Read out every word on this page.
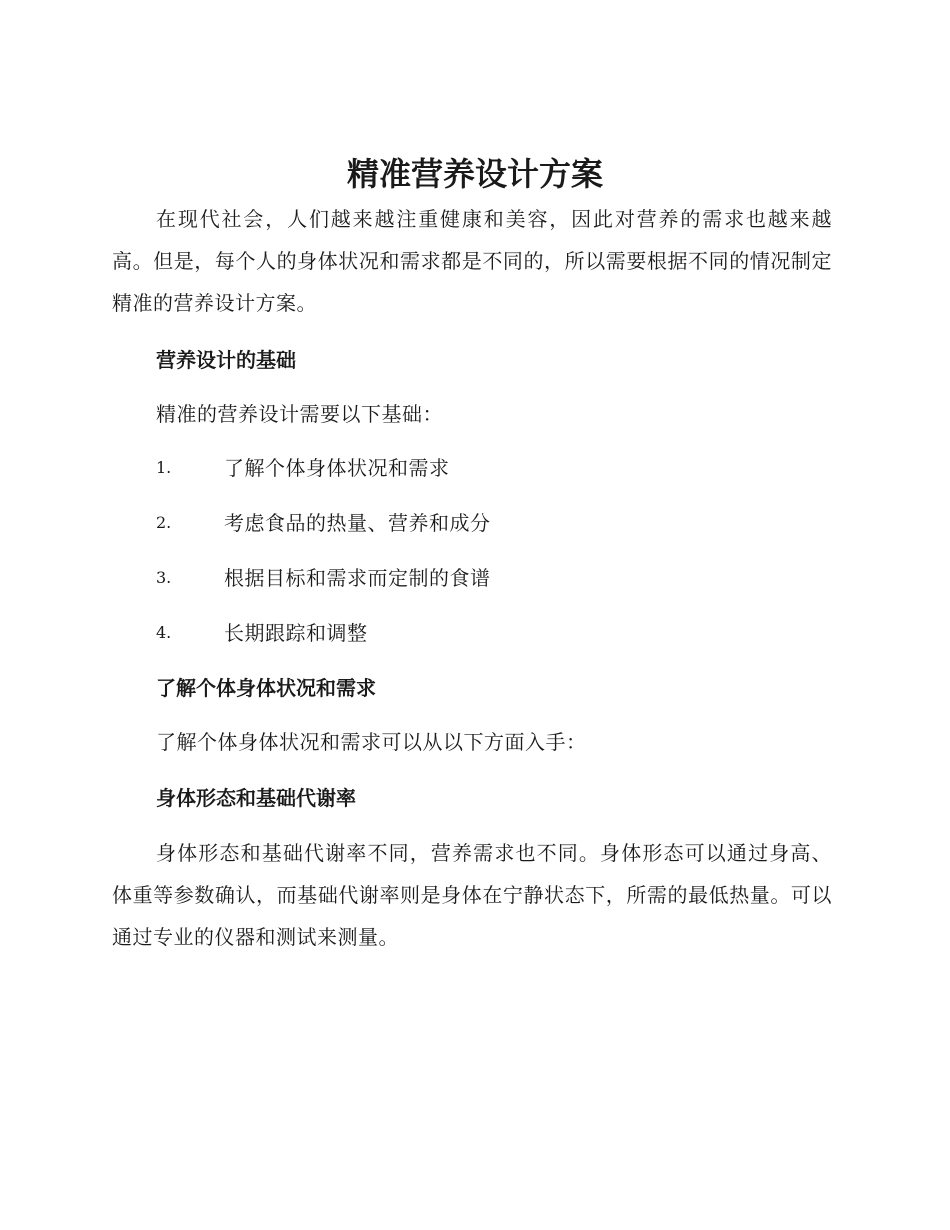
精准营养设计方案

在现代社会，人们越来越注重健康和美容，因此对营养的需求也越来越高。但是，每个人的身体状况和需求都是不同的，所以需要根据不同的情况制定精准的营养设计方案。

营养设计的基础

精准的营养设计需要以下基础：

1.	了解个体身体状况和需求
2.	考虑食品的热量、营养和成分
3.	根据目标和需求而定制的食谱
4.	长期跟踪和调整
了解个体身体状况和需求

了解个体身体状况和需求可以从以下方面入手：

身体形态和基础代谢率

身体形态和基础代谢率不同，营养需求也不同。身体形态可以通过身高、体重等参数确认，而基础代谢率则是身体在宁静状态下，所需的最低热量。可以通过专业的仪器和测试来测量。
